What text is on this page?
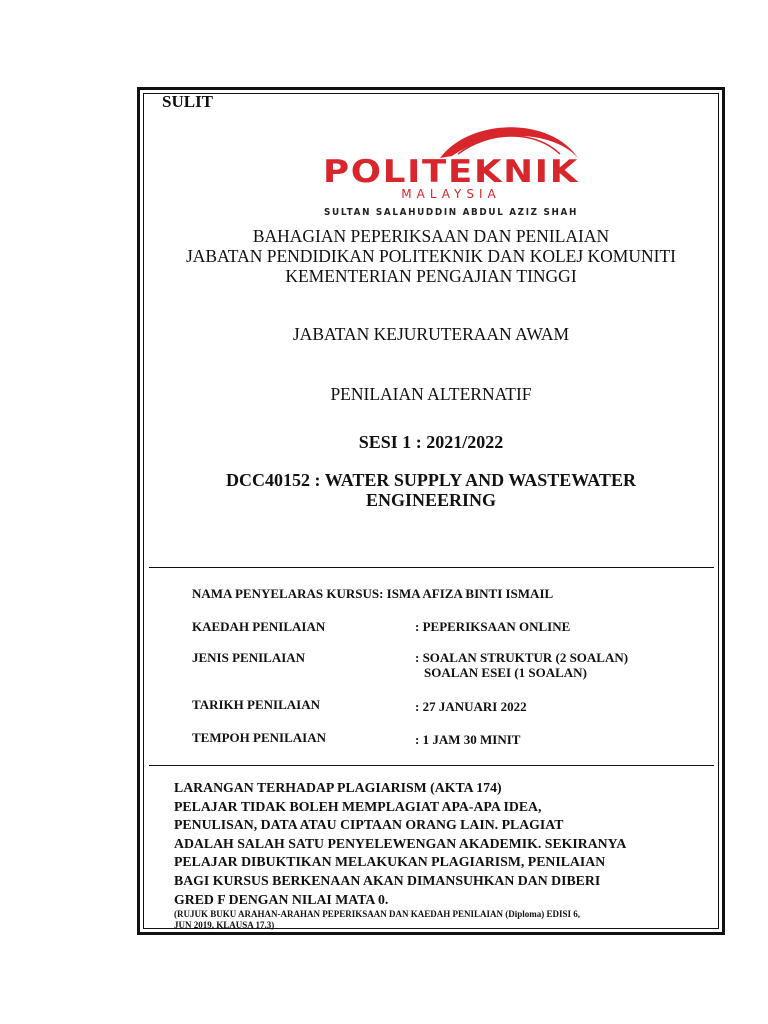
SULIT
POLITEKNIK
MALAYSIA
SULTAN SALAHUDDIN ABDUL AZIZ SHAH
BAHAGIAN PEPERIKSAAN DAN PENILAIAN
JABATAN PENDIDIKAN POLITEKNIK DAN KOLEJ KOMUNITI
KEMENTERIAN PENGAJIAN TINGGI
JABATAN KEJURUTERAAN AWAM
PENILAIAN ALTERNATIF
SESI 1 : 2021/2022
DCC40152 : WATER SUPPLY AND WASTEWATER
ENGINEERING
NAMA PENYELARAS KURSUS: ISMA AFIZA BINTI ISMAIL
KAEDAH PENILAIAN	: PEPERIKSAAN ONLINE
JENIS PENILAIAN	: SOALAN STRUKTUR (2 SOALAN)
SOALAN ESEI (1 SOALAN)
TARIKH PENILAIAN	: 27 JANUARI 2022
TEMPOH PENILAIAN	: 1 JAM 30 MINIT
LARANGAN TERHADAP PLAGIARISM (AKTA 174)
PELAJAR TIDAK BOLEH MEMPLAGIAT APA-APA IDEA,
PENULISAN, DATA ATAU CIPTAAN ORANG LAIN. PLAGIAT
ADALAH SALAH SATU PENYELEWENGAN AKADEMIK. SEKIRANYA
PELAJAR DIBUKTIKAN MELAKUKAN PLAGIARISM, PENILAIAN
BAGI KURSUS BERKENAAN AKAN DIMANSUHKAN DAN DIBERI
GRED F DENGAN NILAI MATA 0.
(RUJUK BUKU ARAHAN-ARAHAN PEPERIKSAAN DAN KAEDAH PENILAIAN (Diploma) EDISI 6,
JUN 2019, KLAUSA 17.3)
